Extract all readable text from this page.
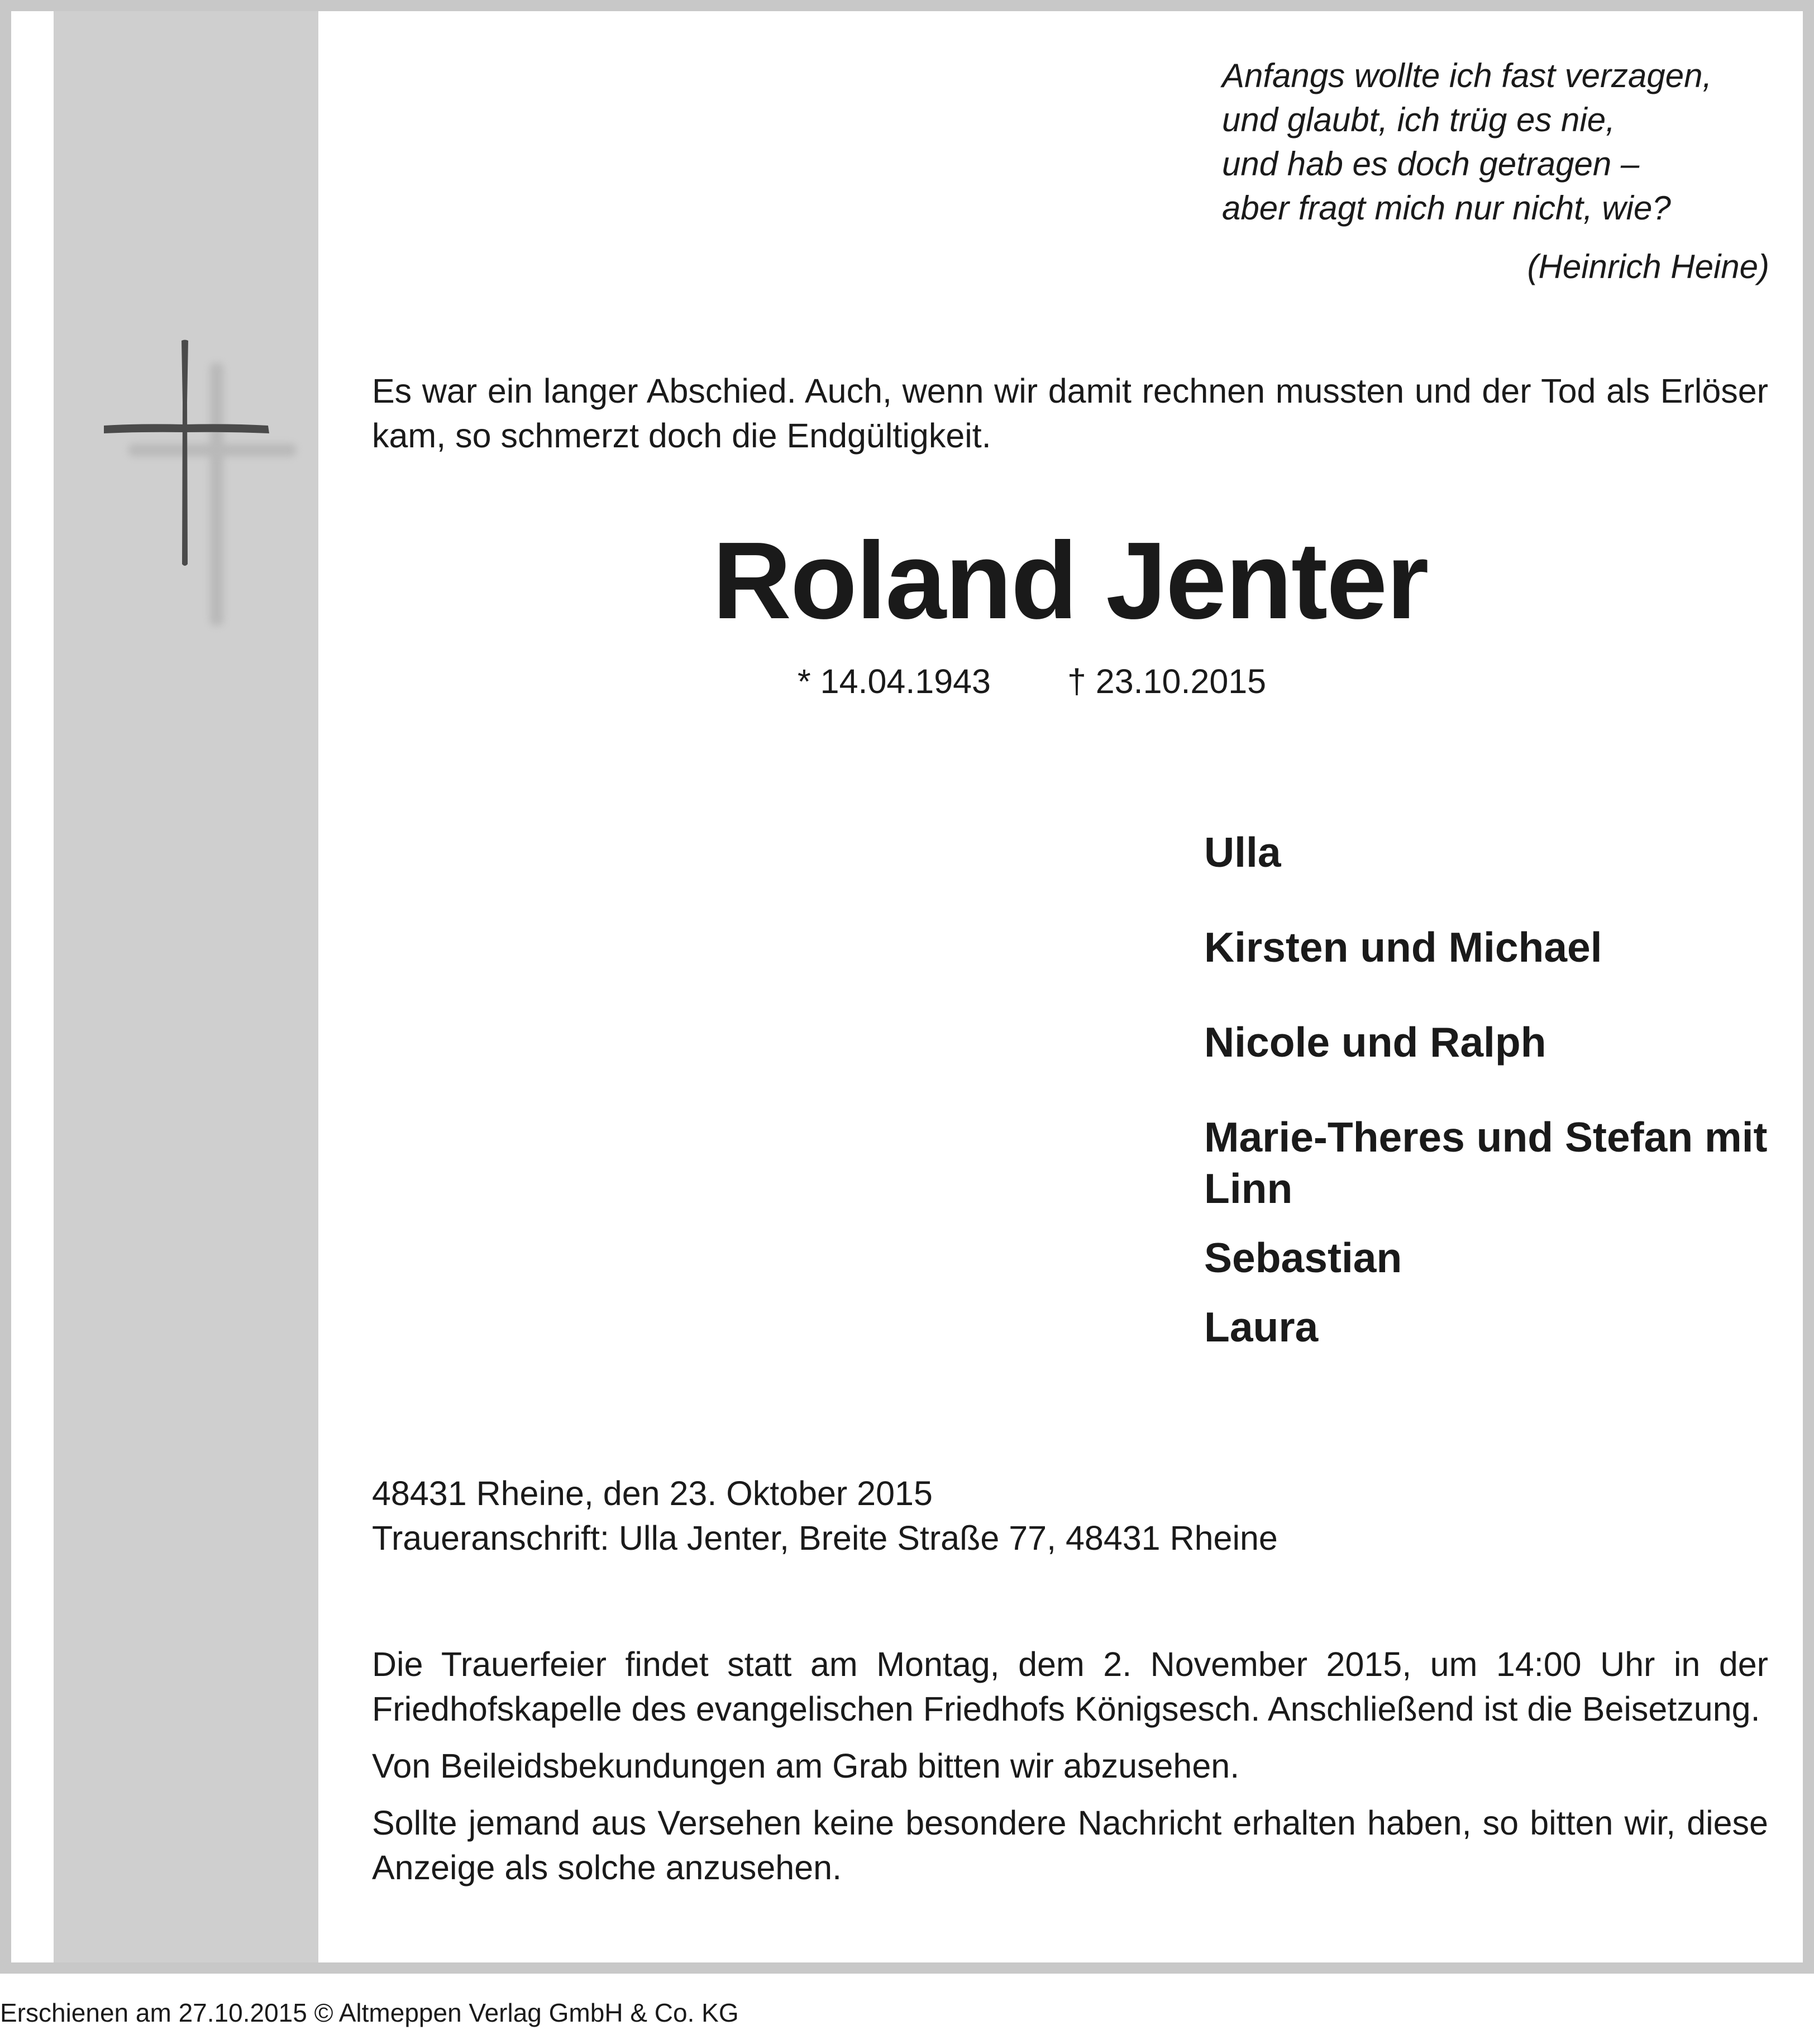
Anfangs wollte ich fast verzagen,
und glaubt, ich trüg es nie,
und hab es doch getragen –
aber fragt mich nur nicht, wie?
(Heinrich Heine)
Es war ein langer Abschied. Auch, wenn wir damit rechnen mussten und der Tod als Erlöser kam, so schmerzt doch die Endgültigkeit.
Roland Jenter
* 14.04.1943 † 23.10.2015
Ulla
Kirsten und Michael
Nicole und Ralph
Marie-Theres und Stefan mit Linn
Sebastian
Laura
48431 Rheine, den 23. Oktober 2015
Traueranschrift: Ulla Jenter, Breite Straße 77, 48431 Rheine

Die Trauerfeier findet statt am Montag, dem 2. November 2015, um 14:00 Uhr in der Friedhofskapelle des evangelischen Friedhofs Königsesch. Anschließend ist die Beisetzung.

Von Beileidsbekundungen am Grab bitten wir abzusehen.

Sollte jemand aus Versehen keine besondere Nachricht erhalten haben, so bitten wir, diese Anzeige als solche anzusehen.

Erschienen am 27.10.2015 © Altmeppen Verlag GmbH & Co. KG
